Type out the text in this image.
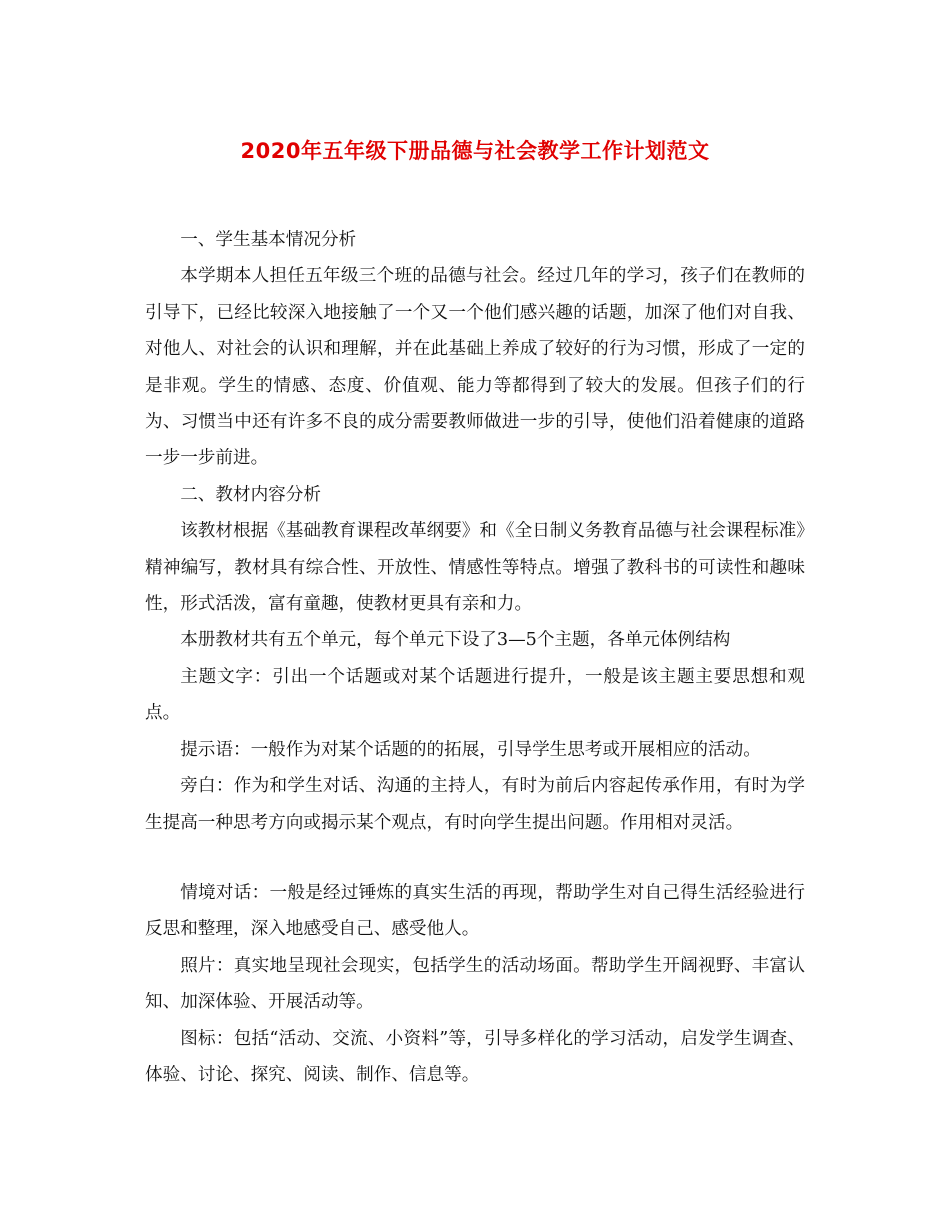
2020年五年级下册品德与社会教学工作计划范文

一、学生基本情况分析

本学期本人担任五年级三个班的品德与社会。经过几年的学习，孩子们在教师的引导下，已经比较深入地接触了一个又一个他们感兴趣的话题，加深了他们对自我、对他人、对社会的认识和理解，并在此基础上养成了较好的行为习惯，形成了一定的是非观。学生的情感、态度、价值观、能力等都得到了较大的发展。但孩子们的行为、习惯当中还有许多不良的成分需要教师做进一步的引导，使他们沿着健康的道路一步一步前进。

二、教材内容分析

该教材根据《基础教育课程改革纲要》和《全日制义务教育品德与社会课程标准》精神编写，教材具有综合性、开放性、情感性等特点。增强了教科书的可读性和趣味性，形式活泼，富有童趣，使教材更具有亲和力。

本册教材共有五个单元，每个单元下设了3—5个主题，各单元体例结构

主题文字：引出一个话题或对某个话题进行提升，一般是该主题主要思想和观点。

提示语：一般作为对某个话题的的拓展，引导学生思考或开展相应的活动。

旁白：作为和学生对话、沟通的主持人，有时为前后内容起传承作用，有时为学生提高一种思考方向或揭示某个观点，有时向学生提出问题。作用相对灵活。

情境对话：一般是经过锤炼的真实生活的再现，帮助学生对自己得生活经验进行反思和整理，深入地感受自己、感受他人。

照片：真实地呈现社会现实，包括学生的活动场面。帮助学生开阔视野、丰富认知、加深体验、开展活动等。

图标：包括“活动、交流、小资料”等，引导多样化的学习活动，启发学生调查、体验、讨论、探究、阅读、制作、信息等。
